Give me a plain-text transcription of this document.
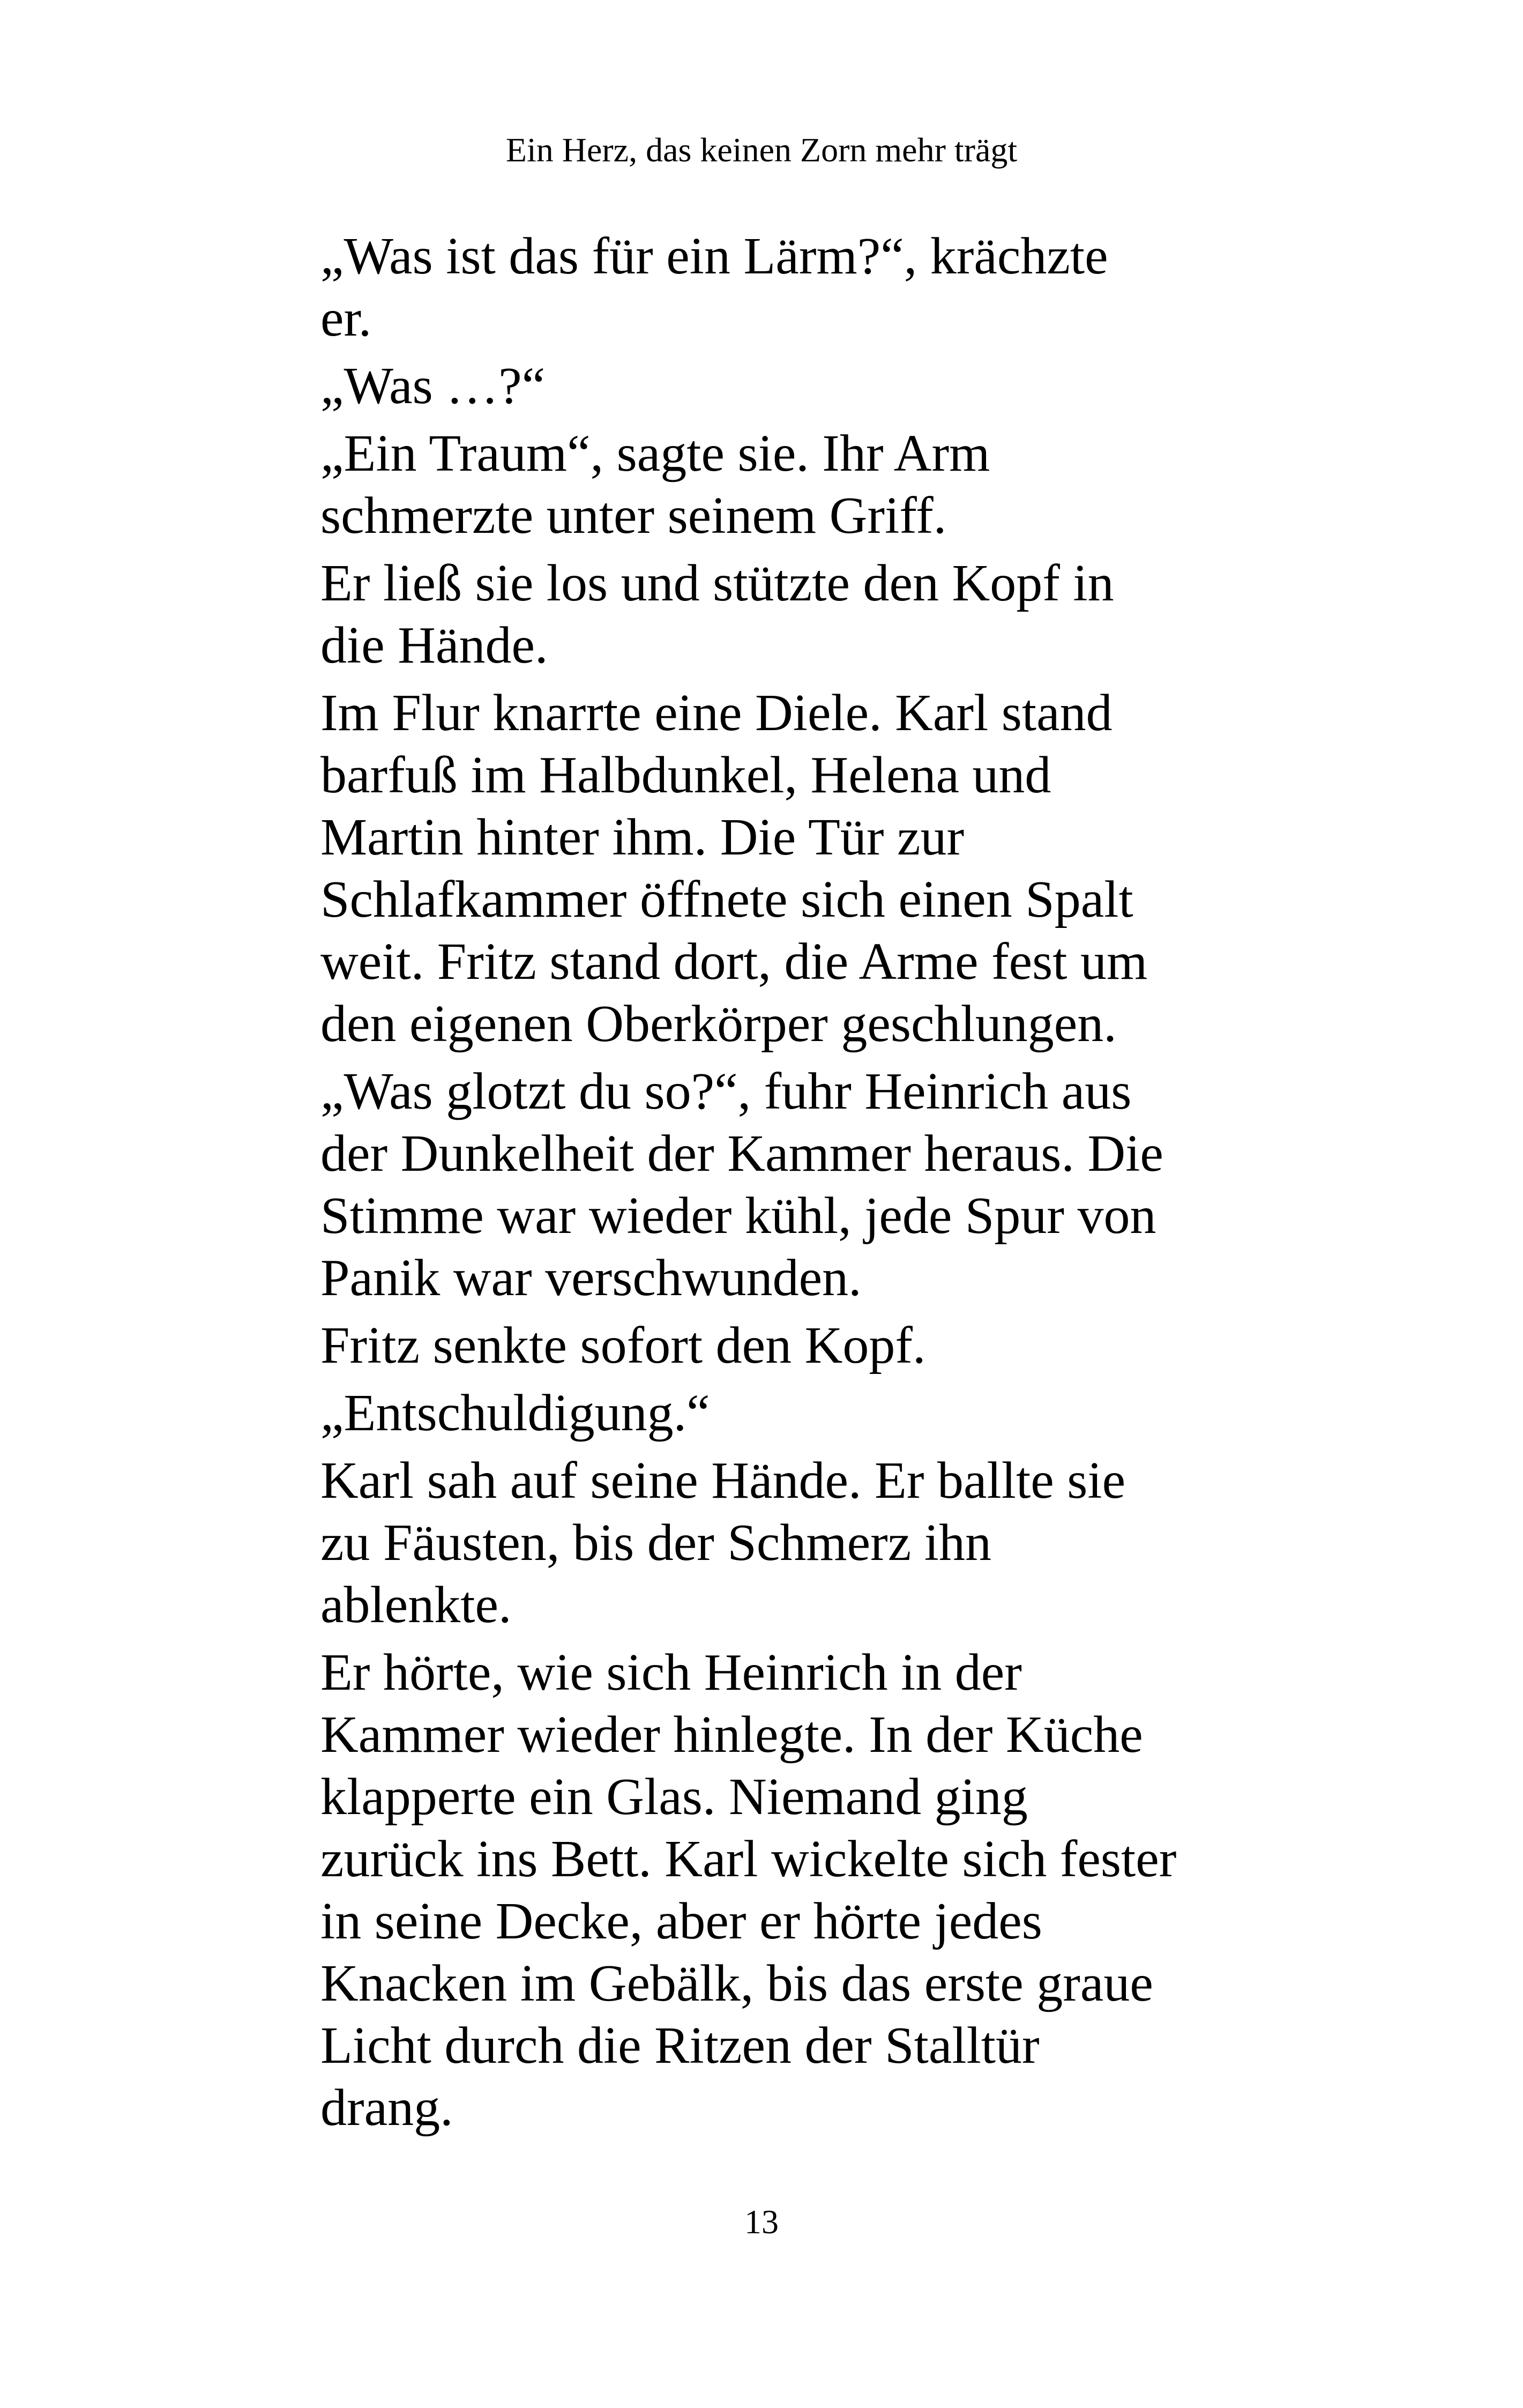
Ein Herz, das keinen Zorn mehr trägt

„Was ist das für ein Lärm?“, krächzte
er.

„Was …?“

„Ein Traum“, sagte sie. Ihr Arm
schmerzte unter seinem Griff.

Er ließ sie los und stützte den Kopf in
die Hände.

Im Flur knarrte eine Diele. Karl stand
barfuß im Halbdunkel, Helena und
Martin hinter ihm. Die Tür zur
Schlafkammer öffnete sich einen Spalt
weit. Fritz stand dort, die Arme fest um
den eigenen Oberkörper geschlungen.

„Was glotzt du so?“, fuhr Heinrich aus
der Dunkelheit der Kammer heraus. Die
Stimme war wieder kühl, jede Spur von
Panik war verschwunden.

Fritz senkte sofort den Kopf.

„Entschuldigung.“

Karl sah auf seine Hände. Er ballte sie
zu Fäusten, bis der Schmerz ihn
ablenkte.

Er hörte, wie sich Heinrich in der
Kammer wieder hinlegte. In der Küche
klapperte ein Glas. Niemand ging
zurück ins Bett. Karl wickelte sich fester
in seine Decke, aber er hörte jedes
Knacken im Gebälk, bis das erste graue
Licht durch die Ritzen der Stalltür
drang.

13
